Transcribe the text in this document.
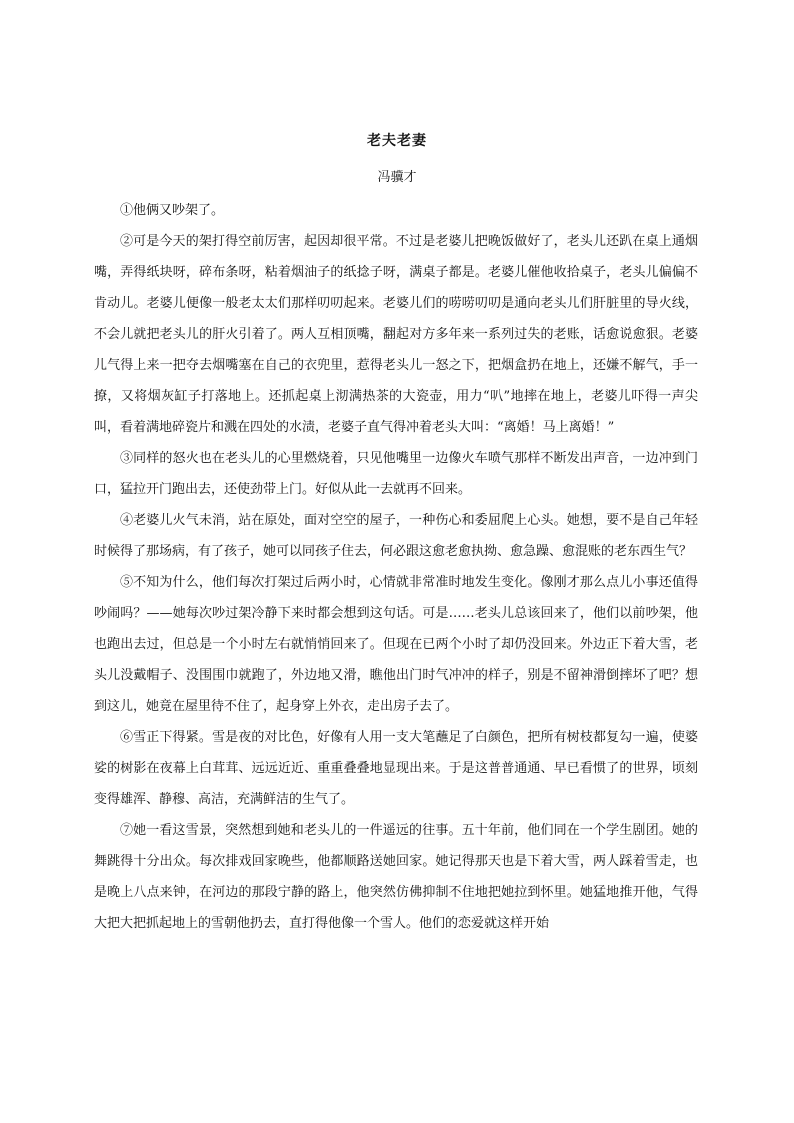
老夫老妻
冯骥才

①他俩又吵架了。

②可是今天的架打得空前厉害，起因却很平常。不过是老婆儿把晚饭做好了，老头儿还趴在桌上通烟嘴，弄得纸块呀，碎布条呀，粘着烟油子的纸捻子呀，满桌子都是。老婆儿催他收拾桌子，老头儿偏偏不肯动儿。老婆儿便像一般老太太们那样叨叨起来。老婆儿们的唠唠叨叨是通向老头儿们肝脏里的导火线，不会儿就把老头儿的肝火引着了。两人互相顶嘴，翻起对方多年来一系列过失的老账，话愈说愈狠。老婆儿气得上来一把夺去烟嘴塞在自己的衣兜里，惹得老头儿一怒之下，把烟盒扔在地上，还嫌不解气，手一撩，又将烟灰缸子打落地上。还抓起桌上沏满热茶的大瓷壶，用力“叭”地摔在地上，老婆儿吓得一声尖叫，看着满地碎瓷片和溅在四处的水渍，老婆子直气得冲着老头大叫：“离婚！马上离婚！”

③同样的怒火也在老头儿的心里燃烧着，只见他嘴里一边像火车喷气那样不断发出声音，一边冲到门口，猛拉开门跑出去，还使劲带上门。好似从此一去就再不回来。

④老婆儿火气未消，站在原处，面对空空的屋子，一种伤心和委屈爬上心头。她想，要不是自己年轻时候得了那场病，有了孩子，她可以同孩子住去，何必跟这愈老愈执拗、愈急躁、愈混账的老东西生气？

⑤不知为什么，他们每次打架过后两小时，心情就非常准时地发生变化。像刚才那么点儿小事还值得吵闹吗？——她每次吵过架冷静下来时都会想到这句话。可是……老头儿总该回来了，他们以前吵架，他也跑出去过，但总是一个小时左右就悄悄回来了。但现在已两个小时了却仍没回来。外边正下着大雪，老头儿没戴帽子、没围围巾就跑了，外边地又滑，瞧他出门时气冲冲的样子，别是不留神滑倒摔坏了吧？想到这儿，她竟在屋里待不住了，起身穿上外衣，走出房子去了。

⑥雪正下得紧。雪是夜的对比色，好像有人用一支大笔蘸足了白颜色，把所有树枝都复勾一遍，使婆娑的树影在夜幕上白茸茸、远远近近、重重叠叠地显现出来。于是这普普通通、早已看惯了的世界，顷刻变得雄浑、静穆、高洁，充满鲜洁的生气了。

⑦她一看这雪景，突然想到她和老头儿的一件遥远的往事。五十年前，他们同在一个学生剧团。她的舞跳得十分出众。每次排戏回家晚些，他都顺路送她回家。她记得那天也是下着大雪，两人踩着雪走，也是晚上八点来钟，在河边的那段宁静的路上，他突然仿佛抑制不住地把她拉到怀里。她猛地推开他，气得大把大把抓起地上的雪朝他扔去，直打得他像一个雪人。他们的恋爱就这样开始
